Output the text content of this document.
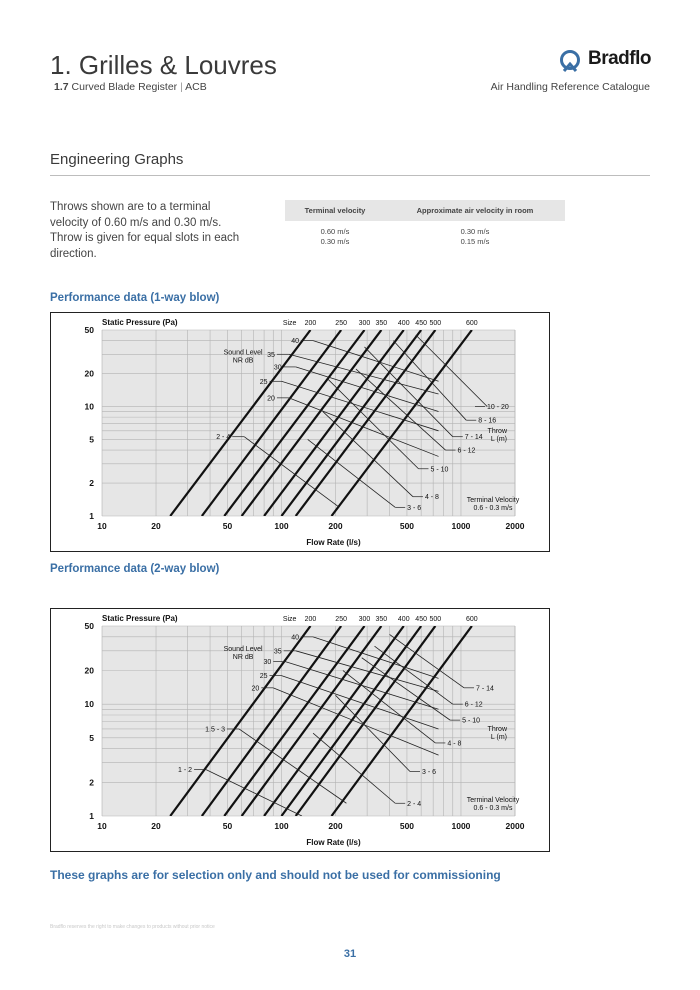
1. Grilles & Louvres
1.7 Curved Blade Register | ACB
Bradflo
Air Handling Reference Catalogue
Engineering Graphs
Throws shown are to a terminal velocity of 0.60 m/s and 0.30 m/s. Throw is given for equal slots in each direction.
Terminal velocity	Approximate air velocity in room

0.60 m/s	0.30 m/s
0.30 m/s	0.15 m/s
Performance data (1-way blow)
40
35
30
25
20
2 - 4
3 - 6
4 - 8
5 - 10
6 - 12
7 - 14
8 - 16
10 - 20
Size 200	250 300 350 400 450 500	600
Sound Level NR dB
Throw L (m)
Terminal Velocity 0.6 - 0.3 m/s
Static Pressure (Pa)
1
2
5
10
20
50
10	20	50	100	200	500	1000	2000
Flow Rate (l/s)
Performance data (2-way blow)
40
35
30
25
20
1 - 2
1.5 - 3
2 - 4
3 - 6
4 - 8
5 - 10
6 - 12
7 - 14
Size 200	250 300 350 400 450 500	600
Sound Level NR dB
Throw L (m)
Terminal Velocity 0.6 - 0.3 m/s
Static Pressure (Pa)
1
2
5
10
20
50
10	20	50	100	200	500	1000	2000
Flow Rate (l/s)
These graphs are for selection only and should not be used for commissioning
Bradflo reserves the right to make changes to products without prior notice
31
